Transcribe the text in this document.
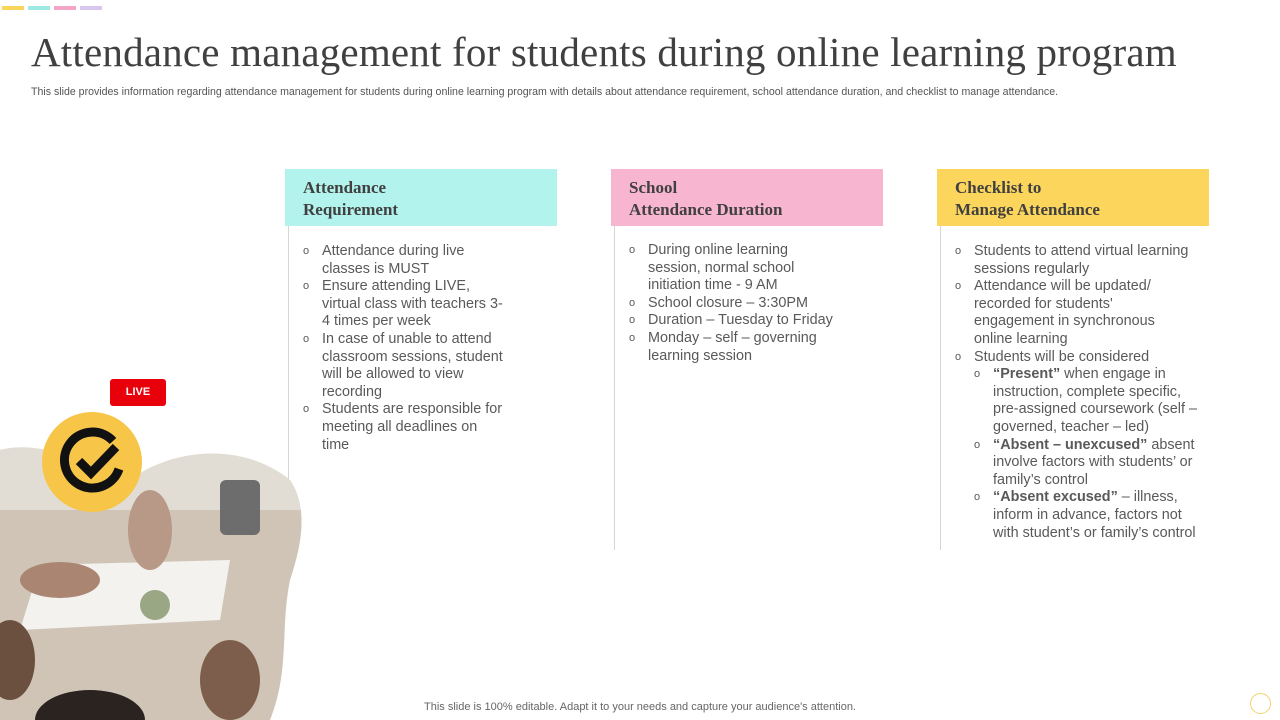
Attendance management for students during online learning program
This slide provides information regarding attendance management for students during online learning program with details about attendance requirement, school attendance duration, and checklist to manage attendance.
Attendance
Requirement
o Attendance during live classes is MUST
o Ensure attending LIVE, virtual class with teachers 3-4 times per week
o In case of unable to attend classroom sessions, student will be allowed to view recording
o Students are responsible for meeting all deadlines on time
School
Attendance Duration
o During online learning session, normal school initiation time - 9 AM
o School closure – 3:30PM
o Duration – Tuesday to Friday
o Monday – self – governing learning session
Checklist to
Manage Attendance
o Students to attend virtual learning sessions regularly
o Attendance will be updated/ recorded for students' engagement in synchronous online learning
o Students will be considered
o “Present” when engage in instruction, complete specific, pre-assigned coursework (self – governed, teacher – led)
o “Absent – unexcused” absent involve factors with students’ or family’s control
o “Absent excused” – illness, inform in advance, factors not with student’s or family’s control
LIVE
This slide is 100% editable. Adapt it to your needs and capture your audience's attention.
